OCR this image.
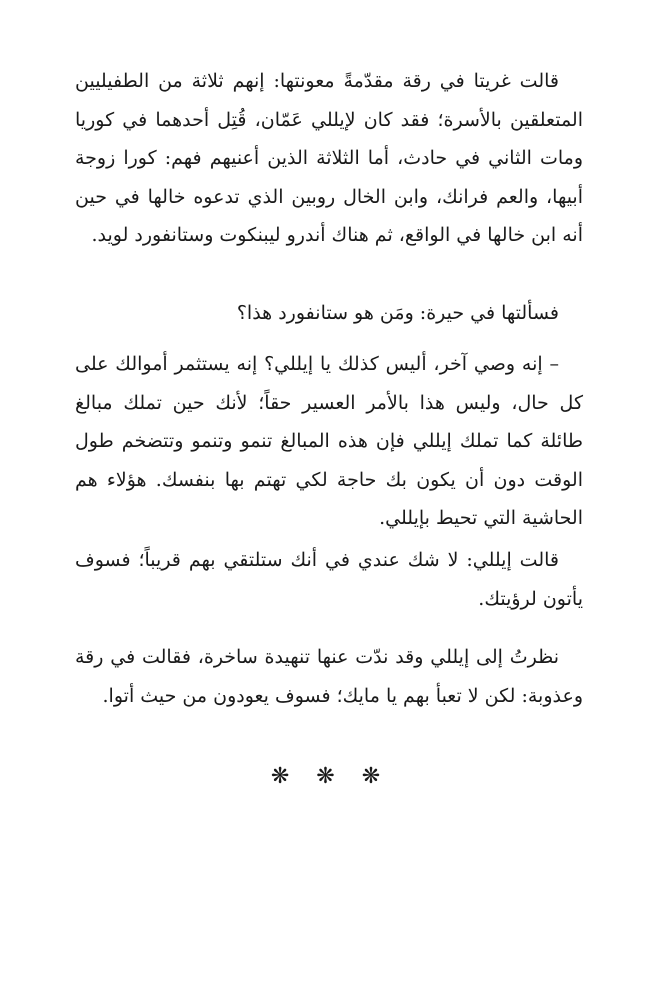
قالت غريتا في رقة مقدّمةً معونتها: إنهم ثلاثة من الطفيليين المتعلقين بالأسرة؛ فقد كان لإيللي عَمّان، قُتِل أحدهما في كوريا ومات الثاني في حادث، أما الثلاثة الذين أعنيهم فهم: كورا زوجة أبيها، والعم فرانك، وابن الخال روبين الذي تدعوه خالها في حين أنه ابن خالها في الواقع، ثم هناك أندرو ليبنكوت وستانفورد لويد.

فسألتها في حيرة: ومَن هو ستانفورد هذا؟

– إنه وصي آخر، أليس كذلك يا إيللي؟ إنه يستثمر أموالك على كل حال، وليس هذا بالأمر العسير حقاً؛ لأنك حين تملك مبالغ طائلة كما تملك إيللي فإن هذه المبالغ تنمو وتنمو وتتضخم طول الوقت دون أن يكون بك حاجة لكي تهتم بها بنفسك. هؤلاء هم الحاشية التي تحيط بإيللي.

قالت إيللي: لا شك عندي في أنك ستلتقي بهم قريباً؛ فسوف يأتون لرؤيتك.

نظرتُ إلى إيللي وقد ندّت عنها تنهيدة ساخرة، فقالت في رقة وعذوبة: لكن لا تعبأ بهم يا مايك؛ فسوف يعودون من حيث أتوا.

❋ ❋ ❋
